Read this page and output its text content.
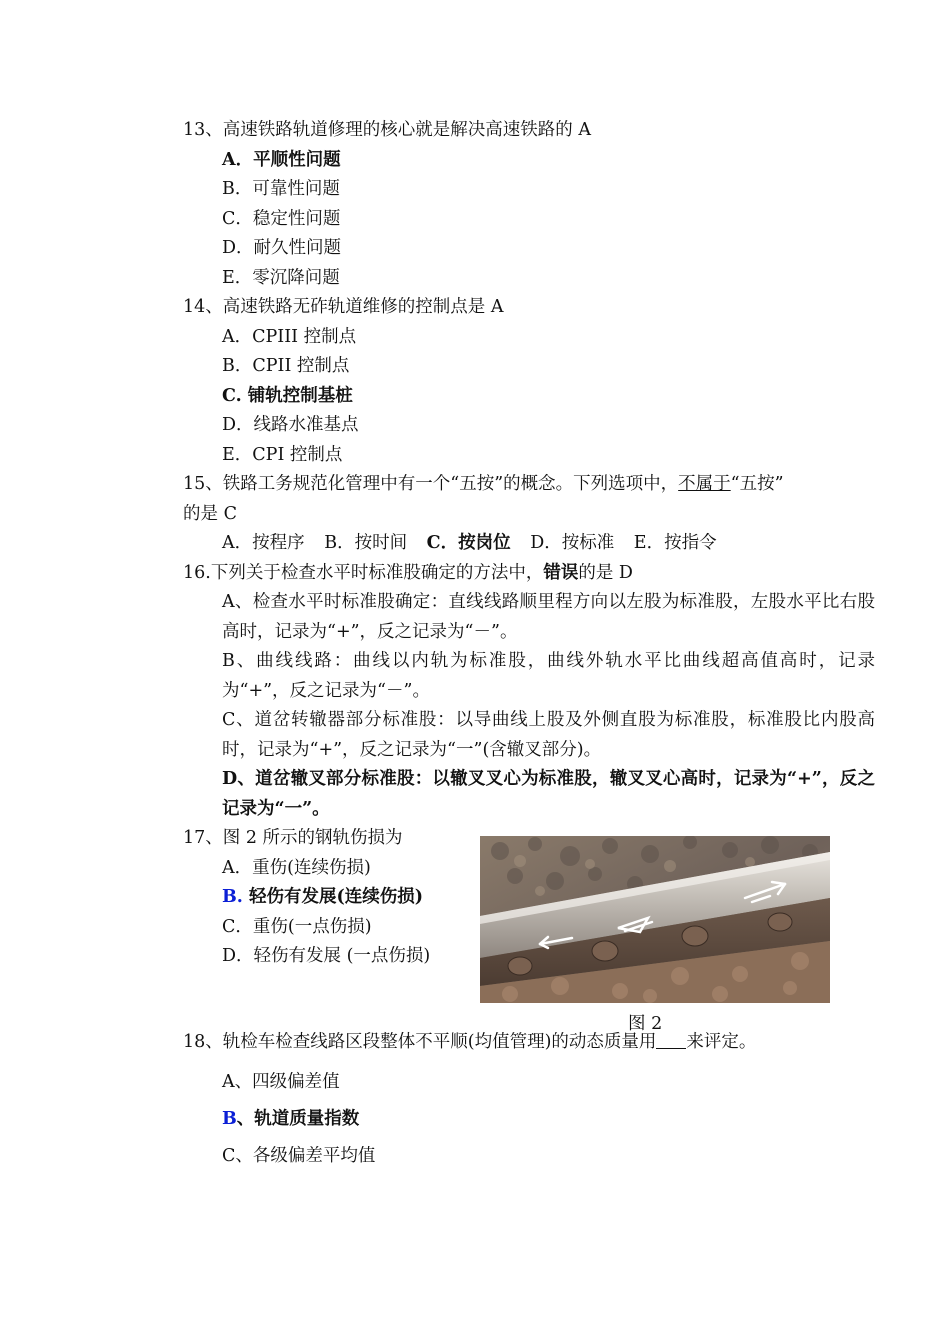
13、高速铁路轨道修理的核心就是解决高速铁路的 A

A．平顺性问题

B．可靠性问题

C．稳定性问题

D．耐久性问题

E．零沉降问题

14、高速铁路无砟轨道维修的控制点是 A

A．CPIII 控制点

B．CPII 控制点

C. 铺轨控制基桩

D．线路水准基点

E．CPI 控制点

15、铁路工务规范化管理中有一个“五按”的概念。下列选项中，不属于“五按”
的是 C

A．按程序 B．按时间 C．按岗位 D．按标准 E．按指令

16.下列关于检查水平时标准股确定的方法中，错误的是 D

A、检查水平时标准股确定：直线线路顺里程方向以左股为标准股，左股水平比右股高时，记录为“+”，反之记录为“－”。

B、曲线线路：曲线以内轨为标准股，曲线外轨水平比曲线超高值高时，记录为“+”，反之记录为“－”。

C、道岔转辙器部分标准股：以导曲线上股及外侧直股为标准股，标准股比内股高时，记录为“+”，反之记录为“一”(含辙叉部分)。

D、道岔辙叉部分标准股：以辙叉叉心为标准股，辙叉叉心高时，记录为“+”，反之记录为“一”。

17、图 2 所示的钢轨伤损为

A．重伤(连续伤损)

B. 轻伤有发展(连续伤损)

C．重伤(一点伤损)

D．轻伤有发展 (一点伤损)

图 2

18、轨检车检查线路区段整体不平顺(均值管理)的动态质量用 来评定。

A、四级偏差值

B、轨道质量指数

C、各级偏差平均值
